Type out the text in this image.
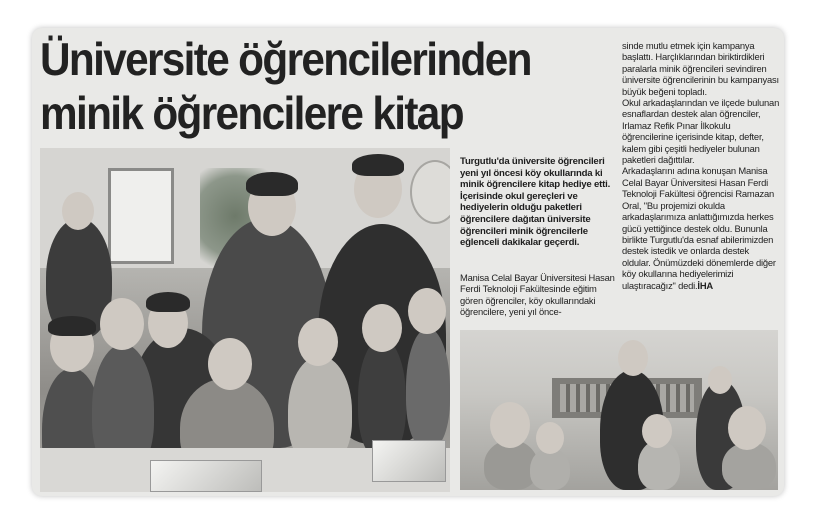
Üniversite öğrencilerinden
minik öğrencilere kitap

Turgutlu'da üniversite öğrencileri yeni yıl öncesi köy okullarında ki minik öğrencilere kitap hediye etti. İçerisinde okul gereçleri ve hediyelerin olduğu paketleri öğrencilere dağıtan üniversite öğrencileri minik öğrencilerle eğlenceli dakikalar geçerdi.

Manisa Celal Bayar Üniversitesi Hasan Ferdi Teknoloji Fakültesinde eğitim gören öğrenciler, köy okullarındaki öğrencilere, yeni yıl önce-

sinde mutlu etmek için kampanya başlattı. Harçlıklarından biriktirdikleri paralarla minik öğrencileri sevindiren üniversite öğrencilerinin bu kampanyası büyük beğeni topladı.

Okul arkadaşlarından ve ilçede bulunan esnaflardan destek alan öğrenciler, Irlamaz Refik Pınar İlkokulu öğrencilerine içerisinde kitap, defter, kalem gibi çeşitli hediyeler bulunan paketleri dağıttılar.

Arkadaşlarını adına konuşan Manisa Celal Bayar Üniversitesi Hasan Ferdi Teknoloji Fakültesi öğrencisi Ramazan Oral, "Bu projemizi okulda arkadaşlarımıza anlattığımızda herkes gücü yettiğince destek oldu. Bununla birlikte Turgutlu'da esnaf abilerimizden destek istedik ve onlarda destek oldular. Önümüzdeki dönemlerde diğer köy okullarına hediyelerimizi ulaştıracağız" dedi.İHA
